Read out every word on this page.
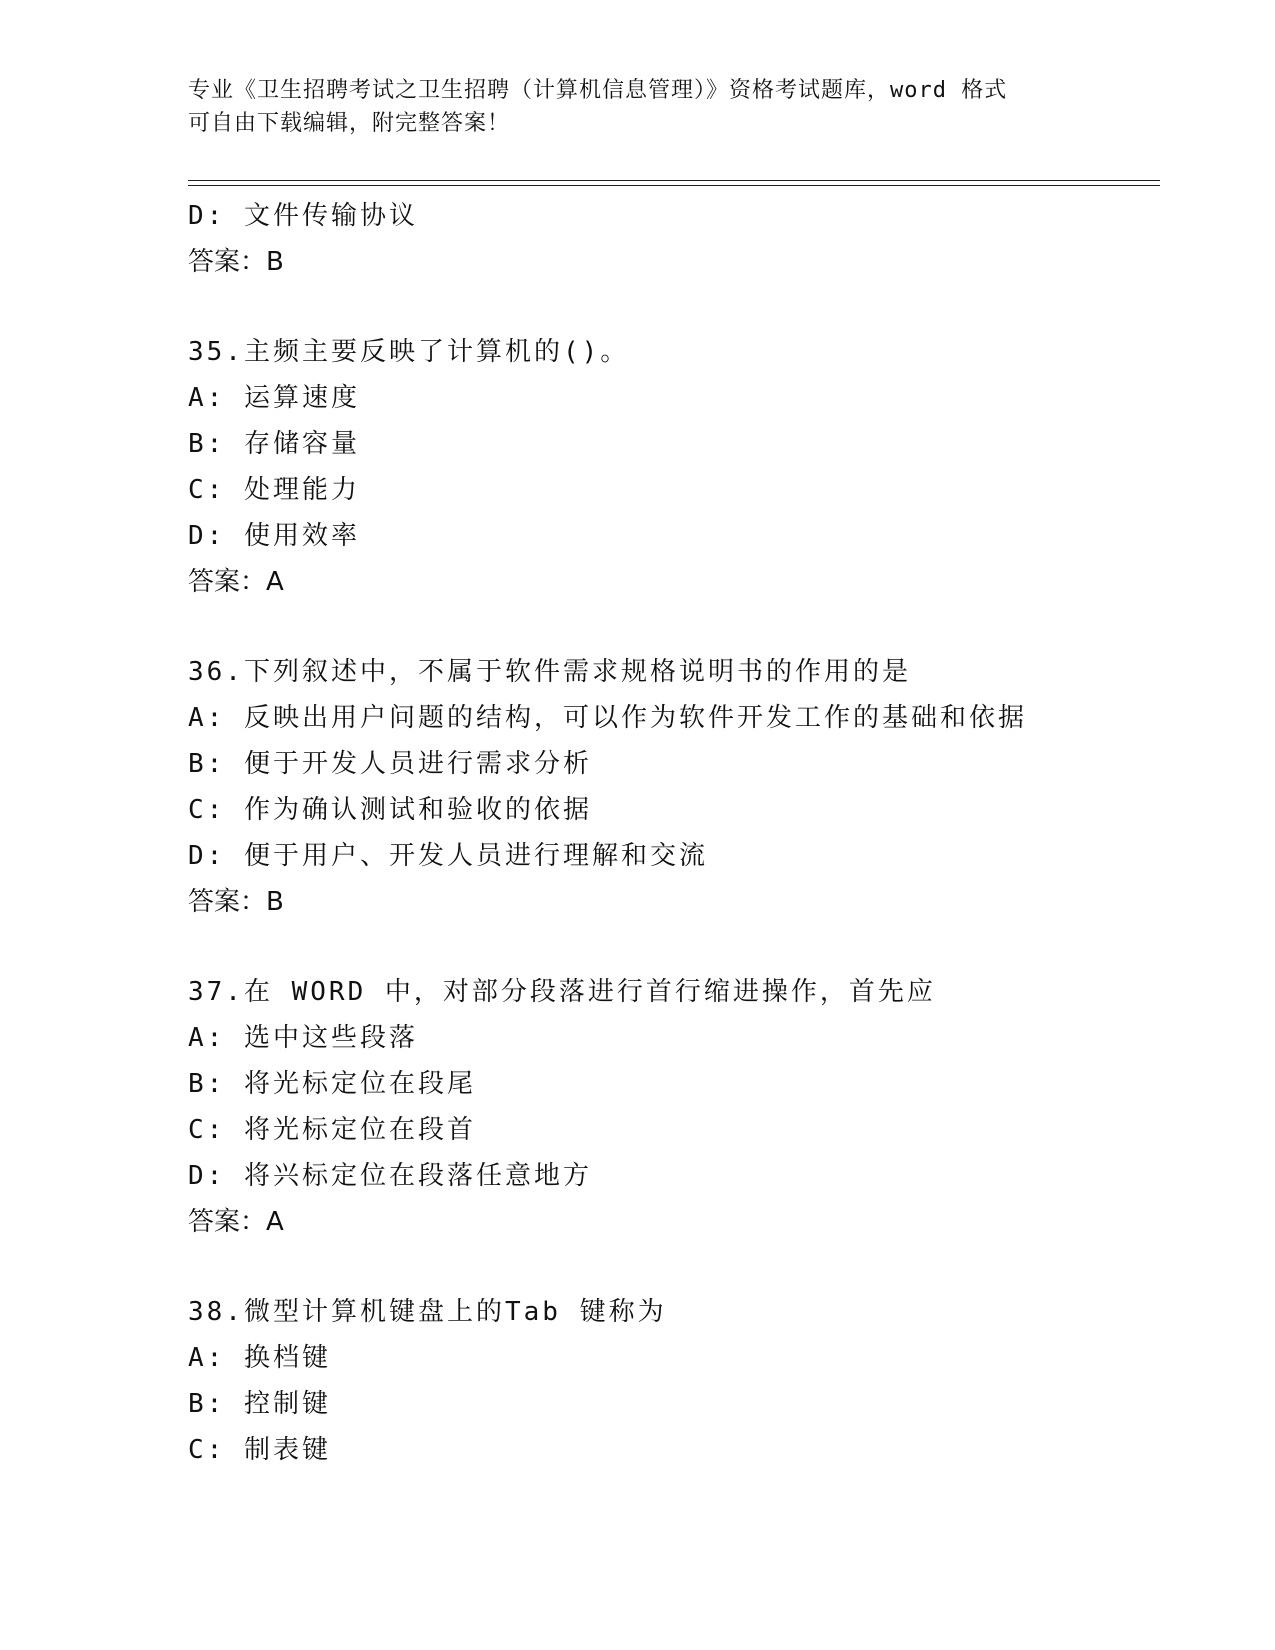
专业《卫生招聘考试之卫生招聘（计算机信息管理）》资格考试题库，word 格式
可自由下载编辑，附完整答案！
D: 文件传输协议
答案：B
35.主频主要反映了计算机的()。
A: 运算速度
B: 存储容量
C: 处理能力
D: 使用效率
答案：A
36.下列叙述中，不属于软件需求规格说明书的作用的是
A: 反映出用户问题的结构，可以作为软件开发工作的基础和依据
B: 便于开发人员进行需求分析
C: 作为确认测试和验收的依据
D: 便于用户、开发人员进行理解和交流
答案：B
37.在 WORD 中，对部分段落进行首行缩进操作，首先应
A: 选中这些段落
B: 将光标定位在段尾
C: 将光标定位在段首
D: 将兴标定位在段落任意地方
答案：A
38.微型计算机键盘上的Tab 键称为
A: 换档键
B: 控制键
C: 制表键
